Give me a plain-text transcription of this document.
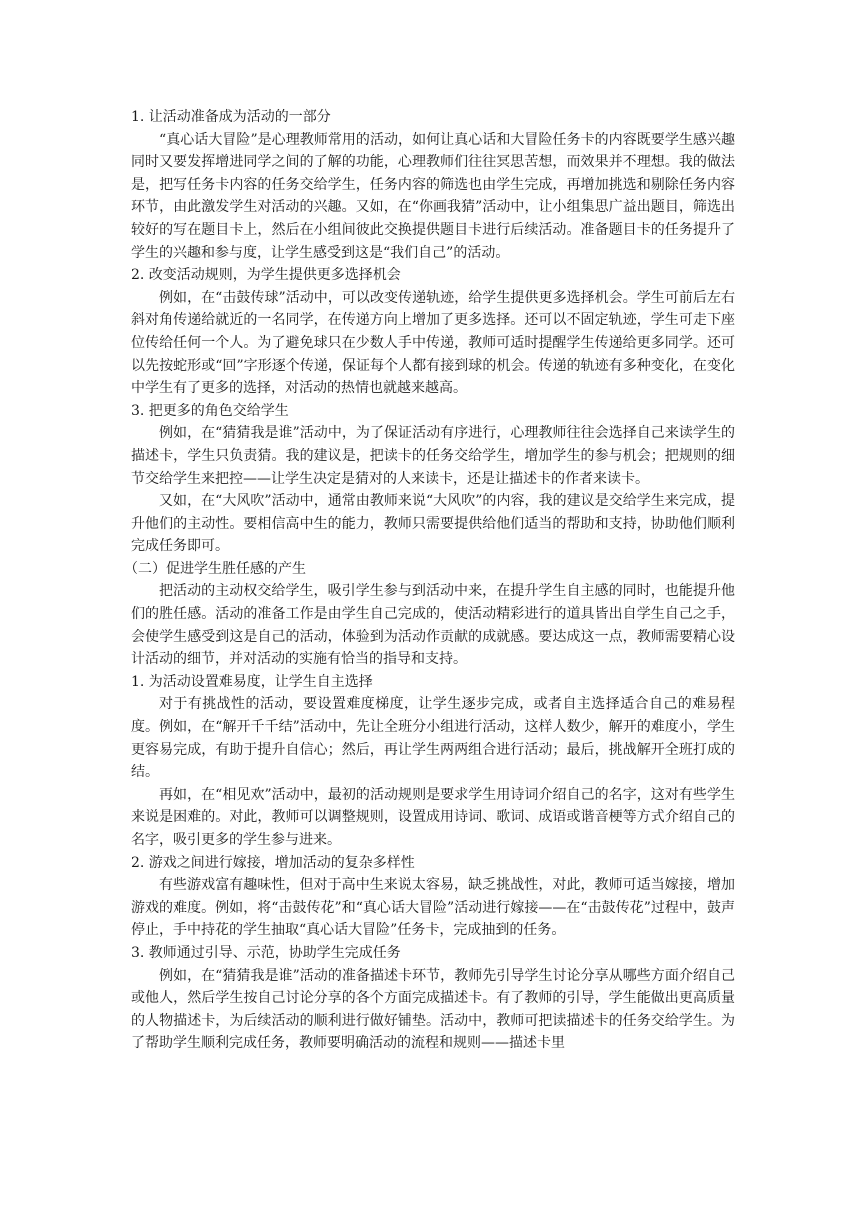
1. 让活动准备成为活动的一部分

“真心话大冒险”是心理教师常用的活动，如何让真心话和大冒险任务卡的内容既要学生感兴趣同时又要发挥增进同学之间的了解的功能，心理教师们往往冥思苦想，而效果并不理想。我的做法是，把写任务卡内容的任务交给学生，任务内容的筛选也由学生完成，再增加挑选和剔除任务内容环节，由此激发学生对活动的兴趣。又如，在“你画我猜”活动中，让小组集思广益出题目，筛选出较好的写在题目卡上，然后在小组间彼此交换提供题目卡进行后续活动。准备题目卡的任务提升了学生的兴趣和参与度，让学生感受到这是“我们自己”的活动。

2. 改变活动规则，为学生提供更多选择机会

例如，在“击鼓传球”活动中，可以改变传递轨迹，给学生提供更多选择机会。学生可前后左右斜对角传递给就近的一名同学，在传递方向上增加了更多选择。还可以不固定轨迹，学生可走下座位传给任何一个人。为了避免球只在少数人手中传递，教师可适时提醒学生传递给更多同学。还可以先按蛇形或“回”字形逐个传递，保证每个人都有接到球的机会。传递的轨迹有多种变化，在变化中学生有了更多的选择，对活动的热情也就越来越高。

3. 把更多的角色交给学生

例如，在“猜猜我是谁”活动中，为了保证活动有序进行，心理教师往往会选择自己来读学生的描述卡，学生只负责猜。我的建议是，把读卡的任务交给学生，增加学生的参与机会；把规则的细节交给学生来把控——让学生决定是猜对的人来读卡，还是让描述卡的作者来读卡。

又如，在“大风吹”活动中，通常由教师来说“大风吹”的内容，我的建议是交给学生来完成，提升他们的主动性。要相信高中生的能力，教师只需要提供给他们适当的帮助和支持，协助他们顺利完成任务即可。

（二）促进学生胜任感的产生

把活动的主动权交给学生，吸引学生参与到活动中来，在提升学生自主感的同时，也能提升他们的胜任感。活动的准备工作是由学生自己完成的，使活动精彩进行的道具皆出自学生自己之手，会使学生感受到这是自己的活动，体验到为活动作贡献的成就感。要达成这一点，教师需要精心设计活动的细节，并对活动的实施有恰当的指导和支持。

1. 为活动设置难易度，让学生自主选择

对于有挑战性的活动，要设置难度梯度，让学生逐步完成，或者自主选择适合自己的难易程度。例如，在“解开千千结”活动中，先让全班分小组进行活动，这样人数少，解开的难度小，学生更容易完成，有助于提升自信心；然后，再让学生两两组合进行活动；最后，挑战解开全班打成的结。

再如，在“相见欢”活动中，最初的活动规则是要求学生用诗词介绍自己的名字，这对有些学生来说是困难的。对此，教师可以调整规则，设置成用诗词、歌词、成语或谐音梗等方式介绍自己的名字，吸引更多的学生参与进来。

2. 游戏之间进行嫁接，增加活动的复杂多样性

有些游戏富有趣味性，但对于高中生来说太容易，缺乏挑战性，对此，教师可适当嫁接，增加游戏的难度。例如，将“击鼓传花”和“真心话大冒险”活动进行嫁接——在“击鼓传花”过程中，鼓声停止，手中持花的学生抽取“真心话大冒险”任务卡，完成抽到的任务。

3. 教师通过引导、示范，协助学生完成任务

例如，在“猜猜我是谁”活动的准备描述卡环节，教师先引导学生讨论分享从哪些方面介绍自己或他人，然后学生按自己讨论分享的各个方面完成描述卡。有了教师的引导，学生能做出更高质量的人物描述卡，为后续活动的顺利进行做好铺垫。活动中，教师可把读描述卡的任务交给学生。为了帮助学生顺利完成任务，教师要明确活动的流程和规则——描述卡里
